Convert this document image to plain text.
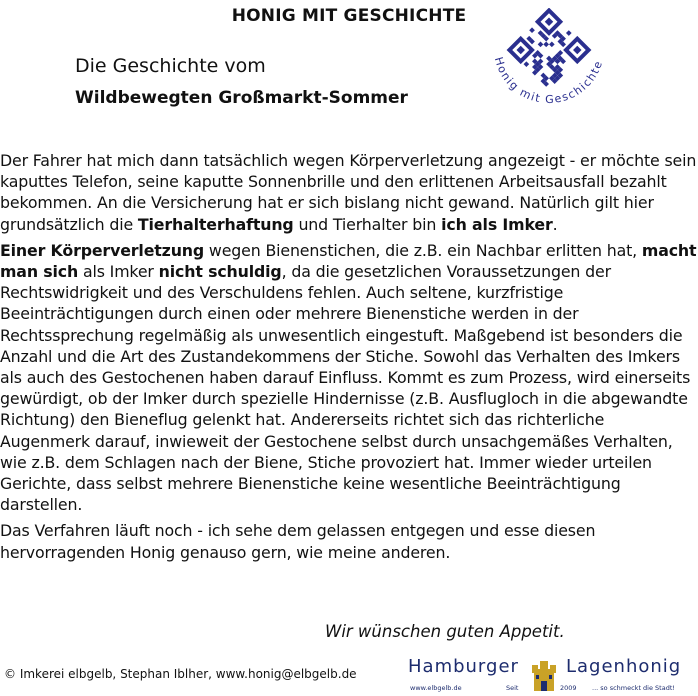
HONIG MIT GESCHICHTE
Die Geschichte vom
Wildbewegten Großmarkt-Sommer
Honig mit Geschichte

Der Fahrer hat mich dann tatsächlich wegen Körperverletzung angezeigt - er möchte sein kaputtes Telefon, seine kaputte Sonnenbrille und den erlittenen Arbeitsausfall bezahlt bekommen. An die Versicherung hat er sich bislang nicht gewand. Natürlich gilt hier grundsätzlich die Tierhalterhaftung und Tierhalter bin ich als Imker.

Einer Körperverletzung wegen Bienenstichen, die z.B. ein Nachbar erlitten hat, macht man sich als Imker nicht schuldig, da die gesetzlichen Voraussetzungen der Rechtswidrigkeit und des Verschuldens fehlen. Auch seltene, kurzfristige Beeinträchtigungen durch einen oder mehrere Bienenstiche werden in der Rechtssprechung regelmäßig als unwesentlich eingestuft. Maßgebend ist besonders die Anzahl und die Art des Zustandekommens der Stiche. Sowohl das Verhalten des Imkers als auch des Gestochenen haben darauf Einfluss. Kommt es zum Prozess, wird einerseits gewürdigt, ob der Imker durch spezielle Hindernisse (z.B. Ausflugloch in die abgewandte Richtung) den Bieneflug gelenkt hat. Andererseits richtet sich das richterliche Augenmerk darauf, inwieweit der Gestochene selbst durch unsachgemäßes Verhalten, wie z.B. dem Schlagen nach der Biene, Stiche provoziert hat. Immer wieder urteilen Gerichte, dass selbst mehrere Bienenstiche keine wesentliche Beeinträchtigung darstellen.

Das Verfahren läuft noch - ich sehe dem gelassen entgegen und esse diesen hervorragenden Honig genauso gern, wie meine anderen.

Wir wünschen guten Appetit.
© Imkerei elbgelb, Stephan Iblher, www.honig@elbgelb.de	Hamburger	Lagenhonig
www.elbgelb.de	Seit	2009 ... so schmeckt die Stadt!
